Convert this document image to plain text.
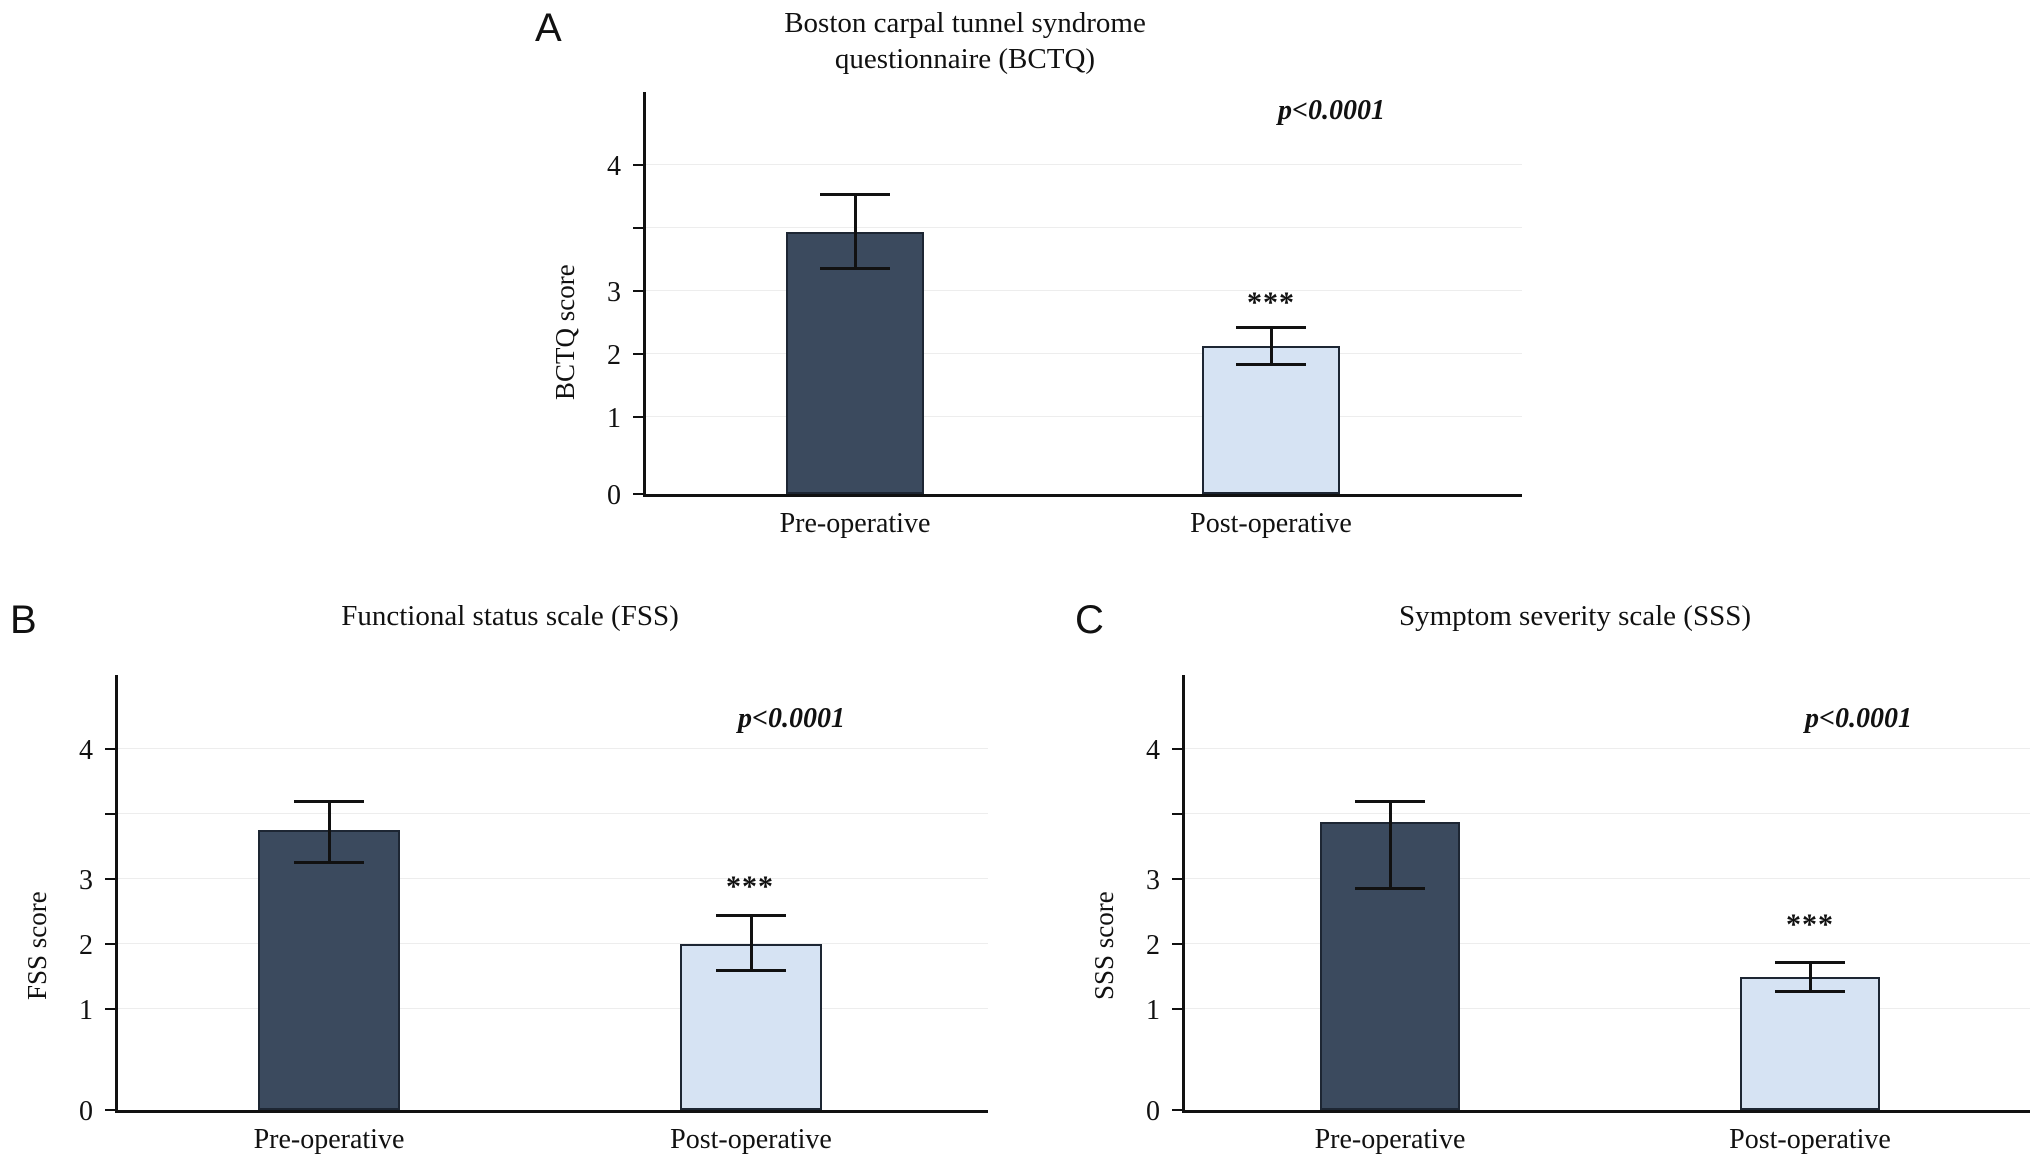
A	Boston carpal tunnel syndrome
questionnaire (BCTQ)
p<0.0001
0
1
2
3
4
BCTQ score	***
Pre-operative	Post-operative
B	Functional status scale (FSS)
p<0.0001
0
1
2
3
4
FSS score
***
Pre-operative	Post-operative
C	Symptom severity scale (SSS)
p<0.0001
0
1
2
3
4
SSS score	***
Pre-operative	Post-operative
